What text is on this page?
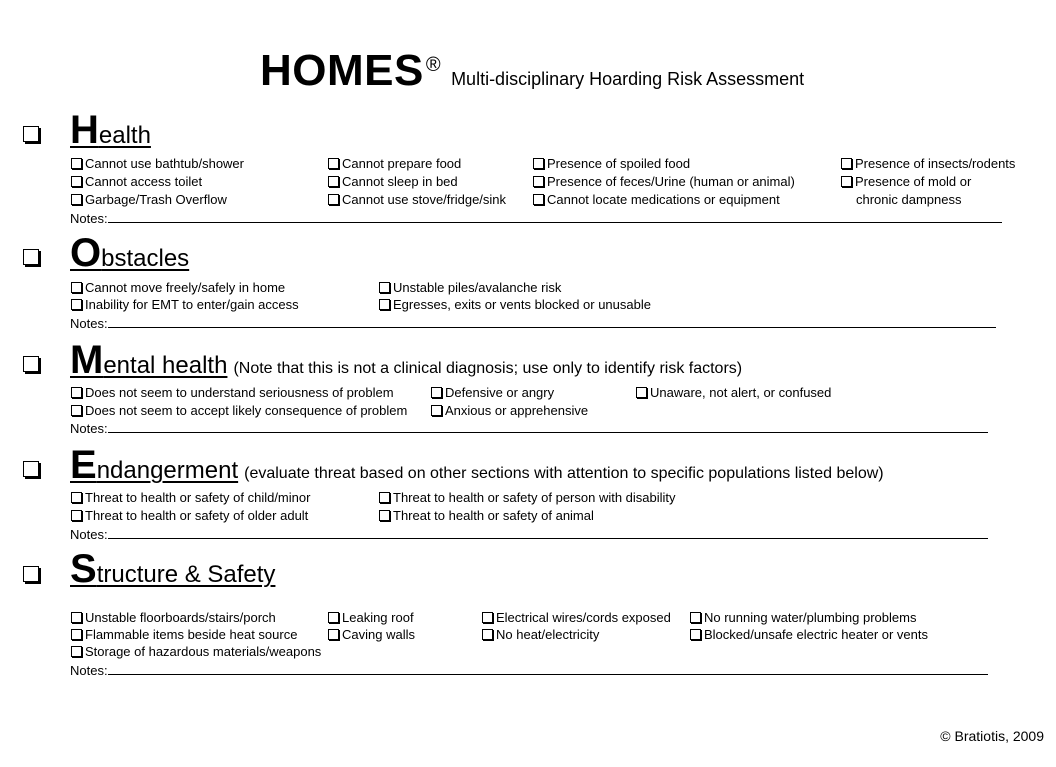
HOMES ® Multi-disciplinary Hoarding Risk Assessment
Health
Cannot use bathtub/shower
Cannot access toilet
Garbage/Trash Overflow
Cannot prepare food
Cannot sleep in bed
Cannot use stove/fridge/sink
Presence of spoiled food
Presence of feces/Urine (human or animal)
Cannot locate medications or equipment
Presence of insects/rodents
Presence of mold or
chronic dampness
Notes:
Obstacles
Cannot move freely/safely in home
Inability for EMT to enter/gain access
Unstable piles/avalanche risk
Egresses, exits or vents blocked or unusable
Notes:
Mental health (Note that this is not a clinical diagnosis; use only to identify risk factors)
Does not seem to understand seriousness of problem
Does not seem to accept likely consequence of problem
Defensive or angry
Anxious or apprehensive
Unaware, not alert, or confused
Notes:
Endangerment (evaluate threat based on other sections with attention to specific populations listed below)
Threat to health or safety of child/minor
Threat to health or safety of older adult
Threat to health or safety of person with disability
Threat to health or safety of animal
Notes:
Structure & Safety
Unstable floorboards/stairs/porch
Flammable items beside heat source
Storage of hazardous materials/weapons
Leaking roof
Caving walls
Electrical wires/cords exposed
No heat/electricity
No running water/plumbing problems
Blocked/unsafe electric heater or vents
Notes:
© Bratiotis, 2009
